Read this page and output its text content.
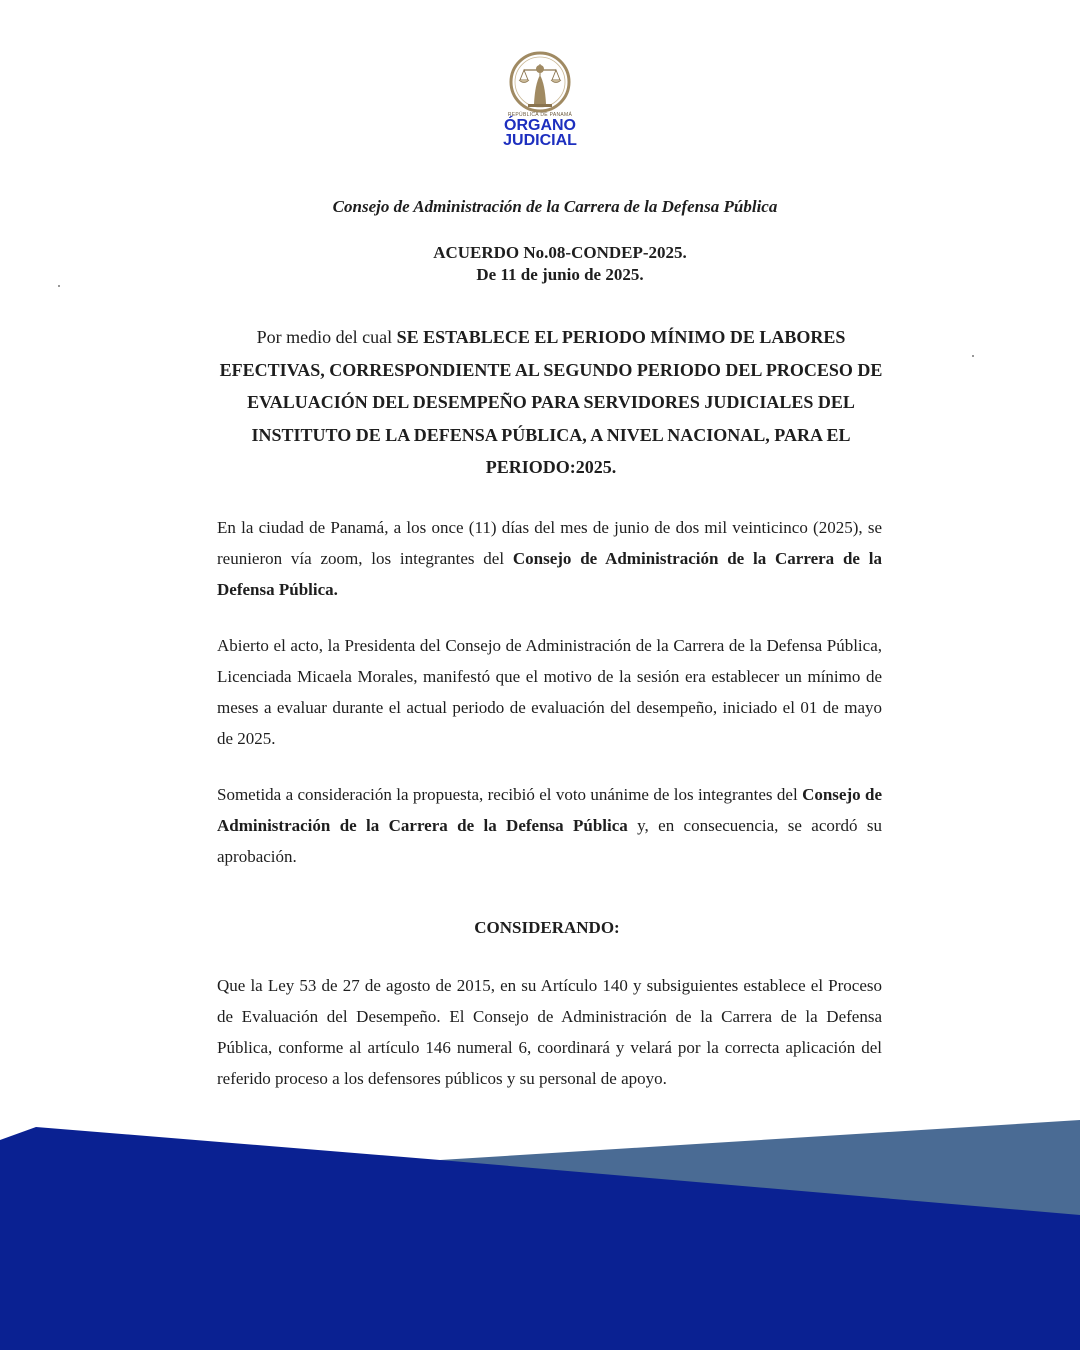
REPÚBLICA DE PANAMÁ
ÓRGANO
JUDICIAL
Consejo de Administración de la Carrera de la Defensa Pública
ACUERDO No.08-CONDEP-2025.
De 11 de junio de 2025.
Por medio del cual SE ESTABLECE EL PERIODO MÍNIMO DE LABORES EFECTIVAS, CORRESPONDIENTE AL SEGUNDO PERIODO DEL PROCESO DE EVALUACIÓN DEL DESEMPEÑO PARA SERVIDORES JUDICIALES DEL INSTITUTO DE LA DEFENSA PÚBLICA, A NIVEL NACIONAL, PARA EL PERIODO:2025.
En la ciudad de Panamá, a los once (11) días del mes de junio de dos mil veinticinco (2025), se reunieron vía zoom, los integrantes del Consejo de Administración de la Carrera de la Defensa Pública.
Abierto el acto, la Presidenta del Consejo de Administración de la Carrera de la Defensa Pública, Licenciada Micaela Morales, manifestó que el motivo de la sesión era establecer un mínimo de meses a evaluar durante el actual periodo de evaluación del desempeño, iniciado el 01 de mayo de 2025.
Sometida a consideración la propuesta, recibió el voto unánime de los integrantes del Consejo de Administración de la Carrera de la Defensa Pública y, en consecuencia, se acordó su aprobación.
CONSIDERANDO:
Que la Ley 53 de 27 de agosto de 2015, en su Artículo 140 y subsiguientes establece el Proceso de Evaluación del Desempeño. El Consejo de Administración de la Carrera de la Defensa Pública, conforme al artículo 146 numeral 6, coordinará y velará por la correcta aplicación del referido proceso a los defensores públicos y su personal de apoyo.
